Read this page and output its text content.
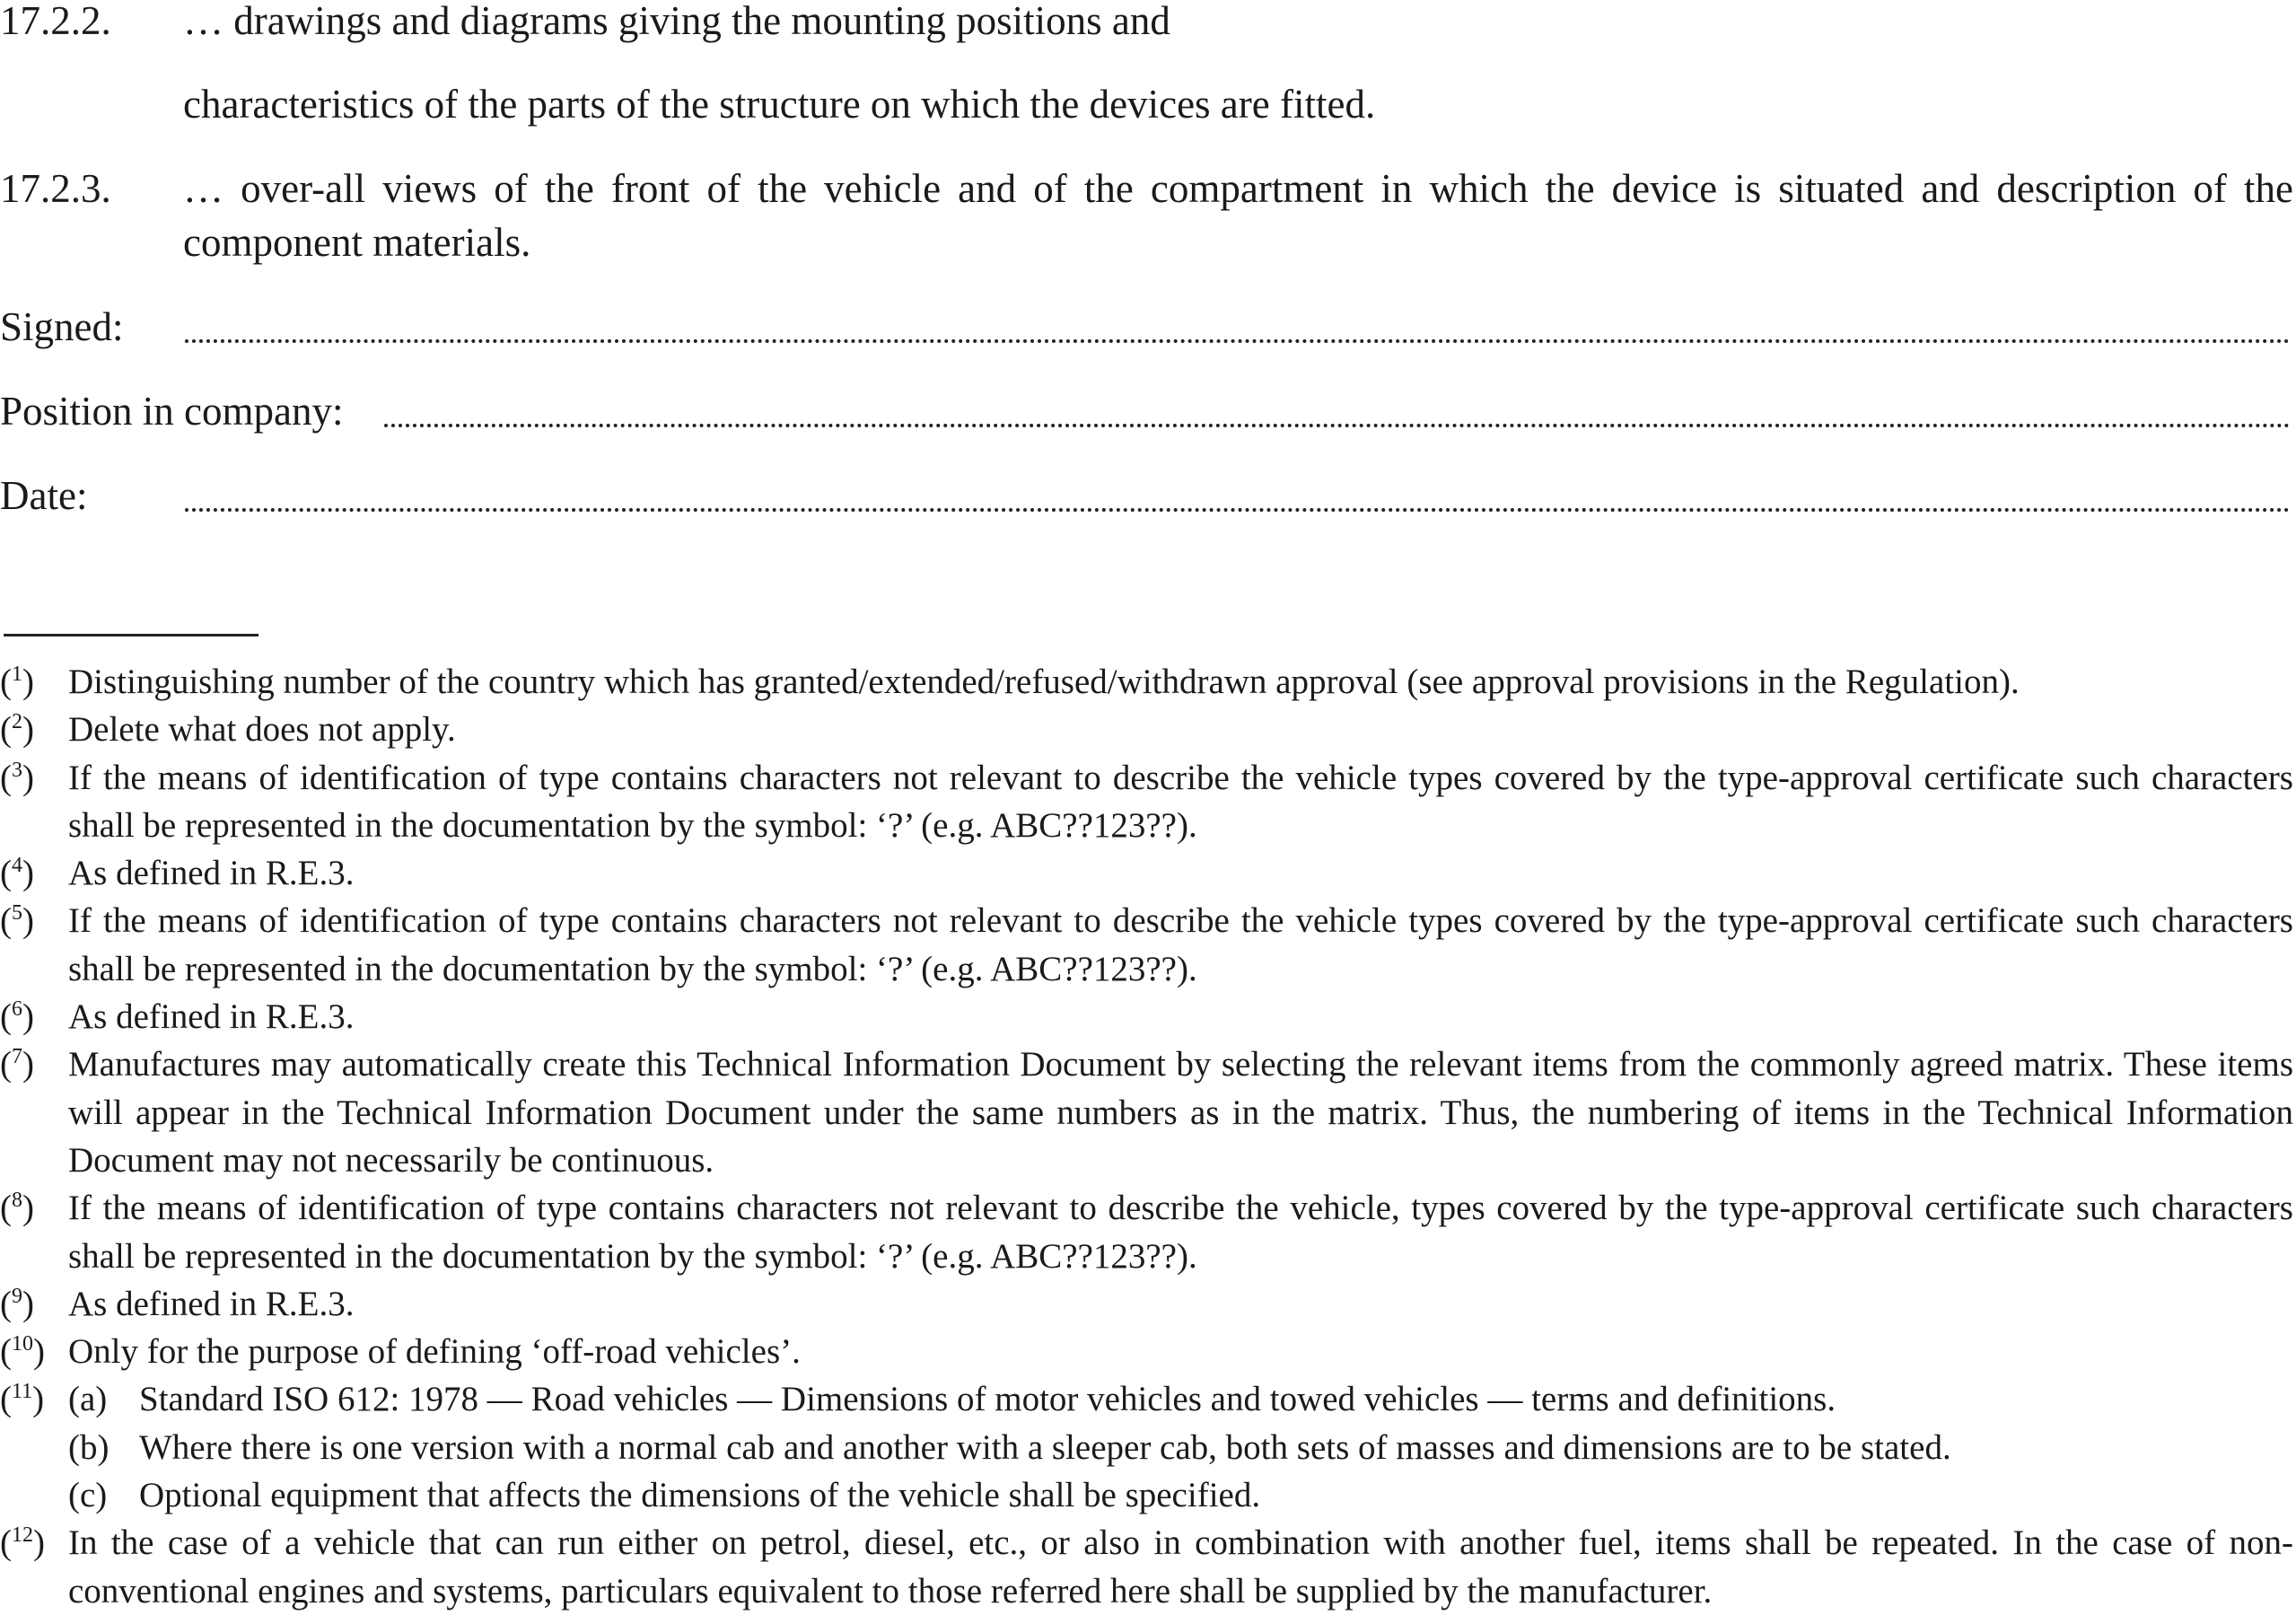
17.2.2. … drawings and diagrams giving the mounting positions and

characteristics of the parts of the structure on which the devices are fitted.

17.2.3. … over-all views of the front of the vehicle and of the compartment in which the device is situated and description of the component materials.

Signed:
Position in company:
Date:
($^1$) Distinguishing number of the country which has granted/extended/refused/withdrawn approval (see approval provisions in the Regulation).
($^2$) Delete what does not apply.
($^3$) If the means of identification of type contains characters not relevant to describe the vehicle types covered by the type-approval certificate such characters shall be represented in the documentation by the symbol: ‘?’ (e.g. ABC??123??).
($^4$) As defined in R.E.3.
($^5$) If the means of identification of type contains characters not relevant to describe the vehicle types covered by the type-approval certificate such characters shall be represented in the documentation by the symbol: ‘?’ (e.g. ABC??123??).
($^6$) As defined in R.E.3.
($^7$) Manufactures may automatically create this Technical Information Document by selecting the relevant items from the commonly agreed matrix. These items will appear in the Technical Information Document under the same numbers as in the matrix. Thus, the numbering of items in the Technical Information Document may not necessarily be continuous.
($^8$) If the means of identification of type contains characters not relevant to describe the vehicle, types covered by the type-approval certificate such characters shall be represented in the documentation by the symbol: ‘?’ (e.g. ABC??123??).
($^9$) As defined in R.E.3.
($^{10}$) Only for the purpose of defining ‘off-road vehicles’.
($^{11}$) (a) Standard ISO 612: 1978 — Road vehicles — Dimensions of motor vehicles and towed vehicles — terms and definitions.
(b) Where there is one version with a normal cab and another with a sleeper cab, both sets of masses and dimensions are to be stated.
(c) Optional equipment that affects the dimensions of the vehicle shall be specified.
($^{12}$) In the case of a vehicle that can run either on petrol, diesel, etc., or also in combination with another fuel, items shall be repeated. In the case of non-conventional engines and systems, particulars equivalent to those referred here shall be supplied by the manufacturer.
